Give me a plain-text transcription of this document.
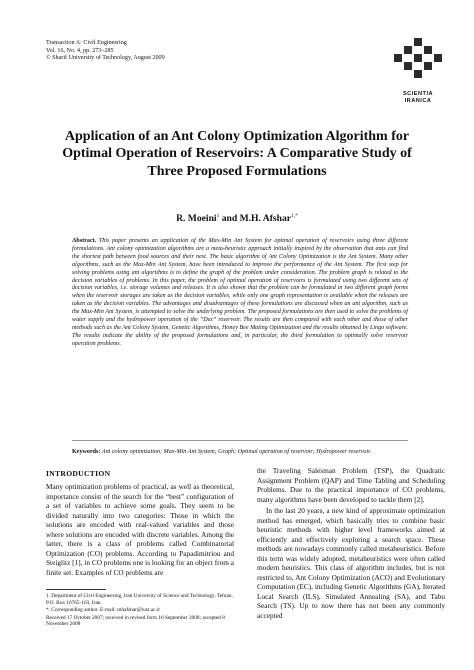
Transaction A: Civil Engineering
Vol. 16, No. 4, pp. 273–285
© Sharif University of Technology, August 2009
SCIENTIA
IRANICA
Application of an Ant Colony Optimization Algorithm for Optimal Operation of Reservoirs: A Comparative Study of Three Proposed Formulations
R. Moeini$^1$ and M.H. Afshar$^{1,*}$
Abstract. This paper presents an application of the Max-Min Ant System for optimal operation of reservoirs using three different formulations. Ant colony optimization algorithms are a meta-heuristic approach initially inspired by the observation that ants can find the shortest path between food sources and their nest. The basic algorithm of Ant Colony Optimization is the Ant System. Many other algorithms, such as the Max-Min Ant System, have been introduced to improve the performance of the Ant System. The first step for solving problems using ant algorithms is to define the graph of the problem under consideration. The problem graph is related to the decision variables of problems. In this paper, the problem of optimal operation of reservoirs is formulated using two different sets of decision variables, i.e. storage volumes and releases. It is also shown that the problem can be formulated in two different graph forms when the reservoir storages are taken as the decision variables, while only one graph representation is available when the releases are taken as the decision variables. The advantages and disadvantages of these formulations are discussed when an ant algorithm, such as the Max-Min Ant System, is attempted to solve the underlying problem. The proposed formulations are then used to solve the problems of water supply and the hydropower operation of the “Dez” reservoir. The results are then compared with each other and those of other methods such as the Ant Colony System, Genetic Algorithms, Honey Bee Mating Optimization and the results obtained by Lingo software. The results indicate the ability of the proposed formulations and, in particular, the third formulation to optimally solve reservoir operation problems.
Keywords: Ant colony optimization; Max-Min Ant System; Graph; Optimal operation of reservoir; Hydropower reservoir.
INTRODUCTION
Many optimization problems of practical, as well as theoretical, importance consist of the search for the “best” configuration of a set of variables to achieve some goals. They seem to be divided naturally into two categories: Those in which the solutions are encoded with real-valued variables and those where solutions are encoded with discrete variables. Among the latter, there is a class of problems called Combinatorial Optimization (CO) problems. According to Papadimitriou and Steiglitz [1], in CO problems one is looking for an object from a finite set. Examples of CO problems are
1. Department of Civil Engineering, Iran University of Science and Technology, Tehran, P.O. Box 16765-163, Iran.
*. Corresponding author. E-mail: mhafshar@iust.ac.ir
Received 17 October 2007; received in revised form 16 September 2008; accepted 8 November 2008

the Traveling Salesman Problem (TSP), the Quadratic Assignment Problem (QAP) and Time Tabling and Scheduling Problems. Due to the practical importance of CO problems, many algorithms have been developed to tackle them [2].

In the last 20 years, a new kind of approximate optimization method has emerged, which basically tries to combine basic heuristic methods with higher level frameworks aimed at efficiently and effectively exploring a search space. These methods are nowadays commonly called metaheuristics. Before this term was widely adopted, metaheuristics were often called modern heuristics. This class of algorithm includes, but is not restricted to, Ant Colony Optimization (ACO) and Evolutionary Computation (EC), including Genetic Algorithms (GA), Iterated Local Search (ILS), Simulated Annealing (SA), and Tabu Search (TS). Up to now there has not been any commonly accepted
